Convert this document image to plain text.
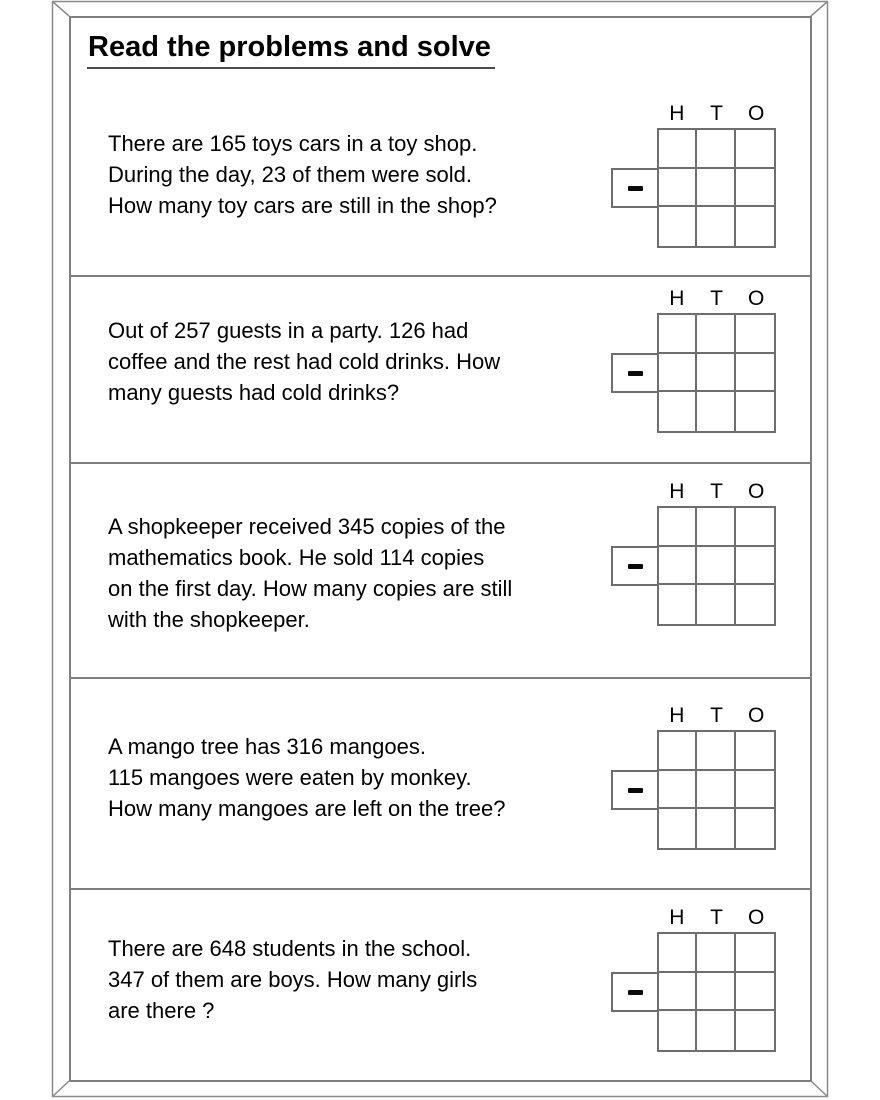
Read the problems and solve
There are 165 toys cars in a toy shop.
During the day, 23 of them were sold.
How many toy cars are still in the shop?
H	T	O
Out of 257 guests in a party. 126 had
coffee and the rest had cold drinks. How
many guests had cold drinks?
H	T	O
A shopkeeper received 345 copies of the
mathematics book. He sold 114 copies
on the first day. How many copies are still
with the shopkeeper.
H	T	O
A mango tree has 316 mangoes.
115 mangoes were eaten by monkey.
How many mangoes are left on the tree?
H	T	O
There are 648 students in the school.
347 of them are boys. How many girls
are there ?
H	T	O
